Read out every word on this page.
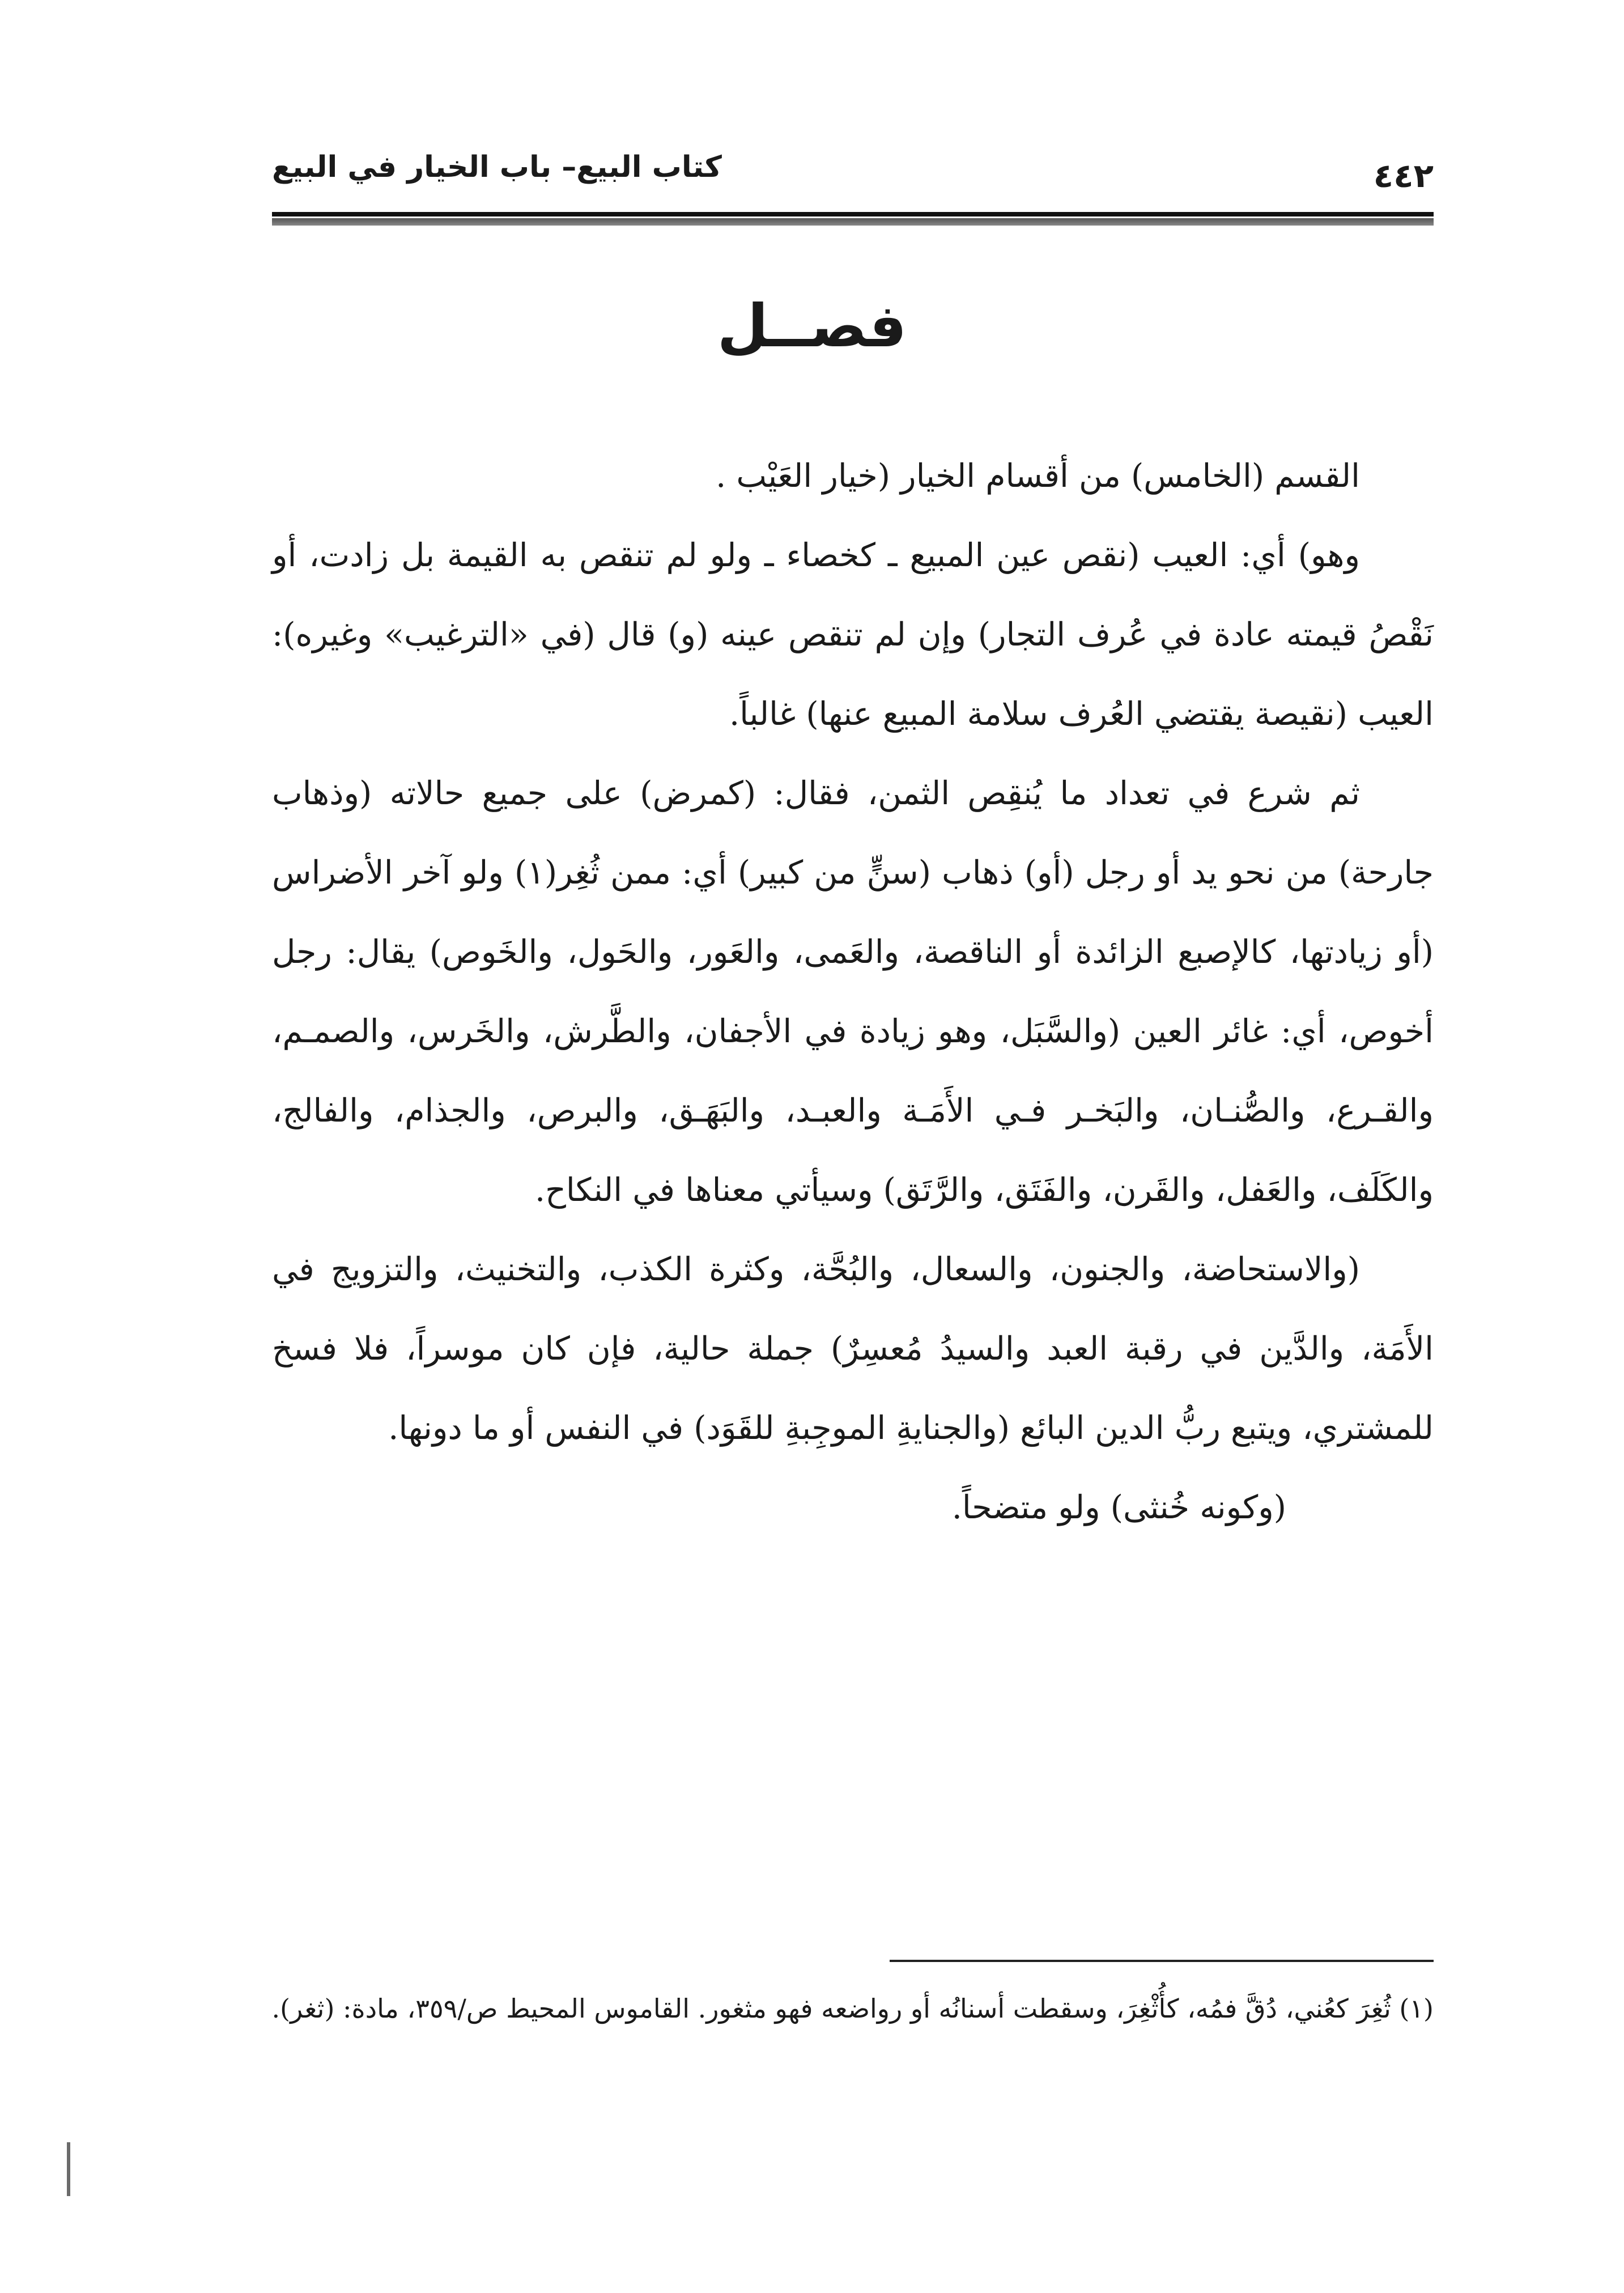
كتاب البيع– باب الخيار في البيع	٤٤٢
فصــل

القسم (الخامس) من أقسام الخيار (خيار العَيْب .

وهو) أي: العيب (نقص عين المبيع ـ كخصاء ـ ولو لم تنقص به القيمة بل زادت، أو نَقْصُ قيمته عادة في عُرف التجار) وإن لم تنقص عينه (و) قال (في «الترغيب» وغيره): العيب (نقيصة يقتضي العُرف سلامة المبيع عنها) غالباً.

ثم شرع في تعداد ما يُنقِص الثمن، فقال: (كمرض) على جميع حالاته (وذهاب جارحة) من نحو يد أو رجل (أو) ذهاب (سنٍّ من كبير) أي: ممن ثُغِر(١) ولو آخر الأضراس (أو زيادتها، كالإصبع الزائدة أو الناقصة، والعَمى، والعَور، والحَول، والخَوص) يقال: رجل أخوص، أي: غائر العين (والسَّبَل، وهو زيادة في الأجفان، والطَّرش، والخَرس، والصمـم، والقـرع، والصُّنـان، والبَخـر فـي الأَمَـة والعبـد، والبَهَـق، والبرص، والجذام، والفالج، والكَلَف، والعَفل، والقَرن، والفَتَق، والرَّتَق) وسيأتي معناها في النكاح.

(والاستحاضة، والجنون، والسعال، والبُحَّة، وكثرة الكذب، والتخنيث، والتزويج في الأَمَة، والدَّين في رقبة العبد والسيدُ مُعسِرٌ) جملة حالية، فإن كان موسراً، فلا فسخ للمشتري، ويتبع ربُّ الدين البائع (والجنايةِ الموجِبةِ للقَوَد) في النفس أو ما دونها.

(وكونه خُنثى) ولو متضحاً.

(١) ثُغِرَ كعُني، دُقَّ فمُه، كأُثْغِرَ، وسقطت أسنانُه أو رواضعه فهو مثغور. القاموس المحيط ص/٣٥٩، مادة: (ثغر).
